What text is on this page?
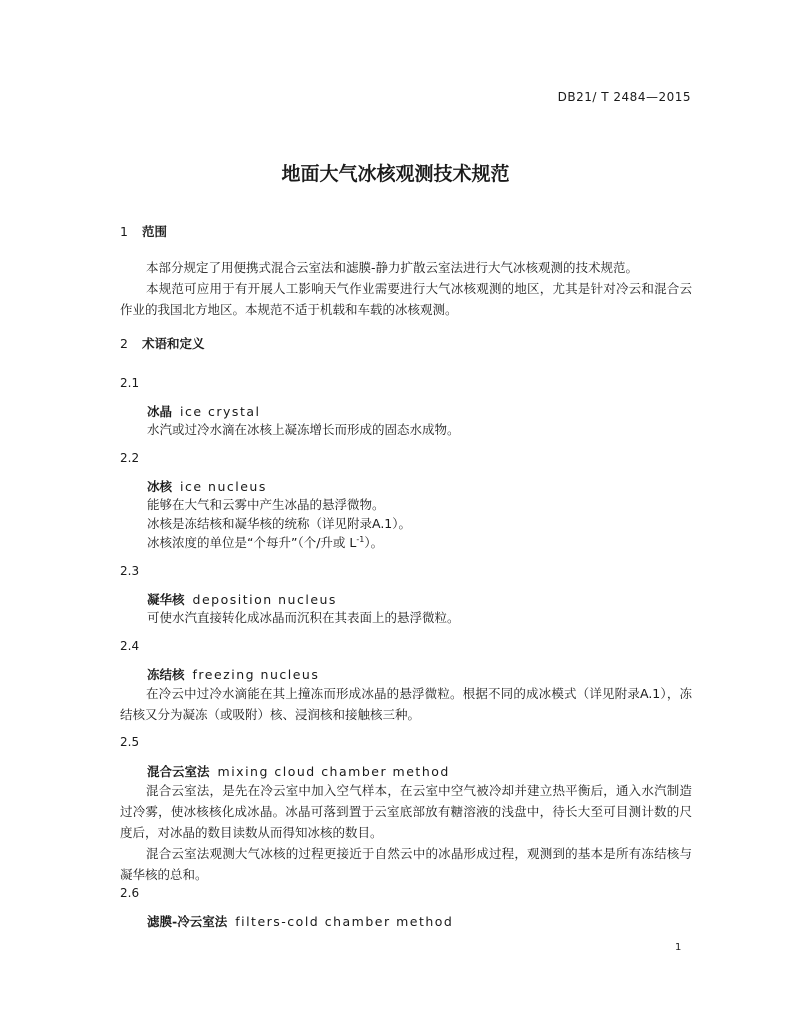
DB21/ T 2484—2015
地面大气冰核观测技术规范
1 范围

本部分规定了用便携式混合云室法和滤膜-静力扩散云室法进行大气冰核观测的技术规范。

本规范可应用于有开展人工影响天气作业需要进行大气冰核观测的地区，尤其是针对冷云和混合云作业的我国北方地区。本规范不适于机载和车载的冰核观测。

2 术语和定义
2.1
冰晶 ice crystal
水汽或过冷水滴在冰核上凝冻增长而形成的固态水成物。
2.2
冰核 ice nucleus
能够在大气和云雾中产生冰晶的悬浮微物。
冰核是冻结核和凝华核的统称（详见附录A.1）。
冰核浓度的单位是“个每升”（个/升或 $L^{-1}$）。
2.3
凝华核 deposition nucleus
可使水汽直接转化成冰晶而沉积在其表面上的悬浮微粒。
2.4
冻结核 freezing nucleus

在冷云中过冷水滴能在其上撞冻而形成冰晶的悬浮微粒。根据不同的成冰模式（详见附录A.1），冻结核又分为凝冻（或吸附）核、浸润核和接触核三种。

2.5
混合云室法 mixing cloud chamber method

混合云室法，是先在冷云室中加入空气样本，在云室中空气被冷却并建立热平衡后，通入水汽制造过冷雾，使冰核核化成冰晶。冰晶可落到置于云室底部放有糖溶液的浅盘中，待长大至可目测计数的尺度后，对冰晶的数目读数从而得知冰核的数目。

混合云室法观测大气冰核的过程更接近于自然云中的冰晶形成过程，观测到的基本是所有冻结核与凝华核的总和。

2.6
滤膜-冷云室法 filters-cold chamber method
1
